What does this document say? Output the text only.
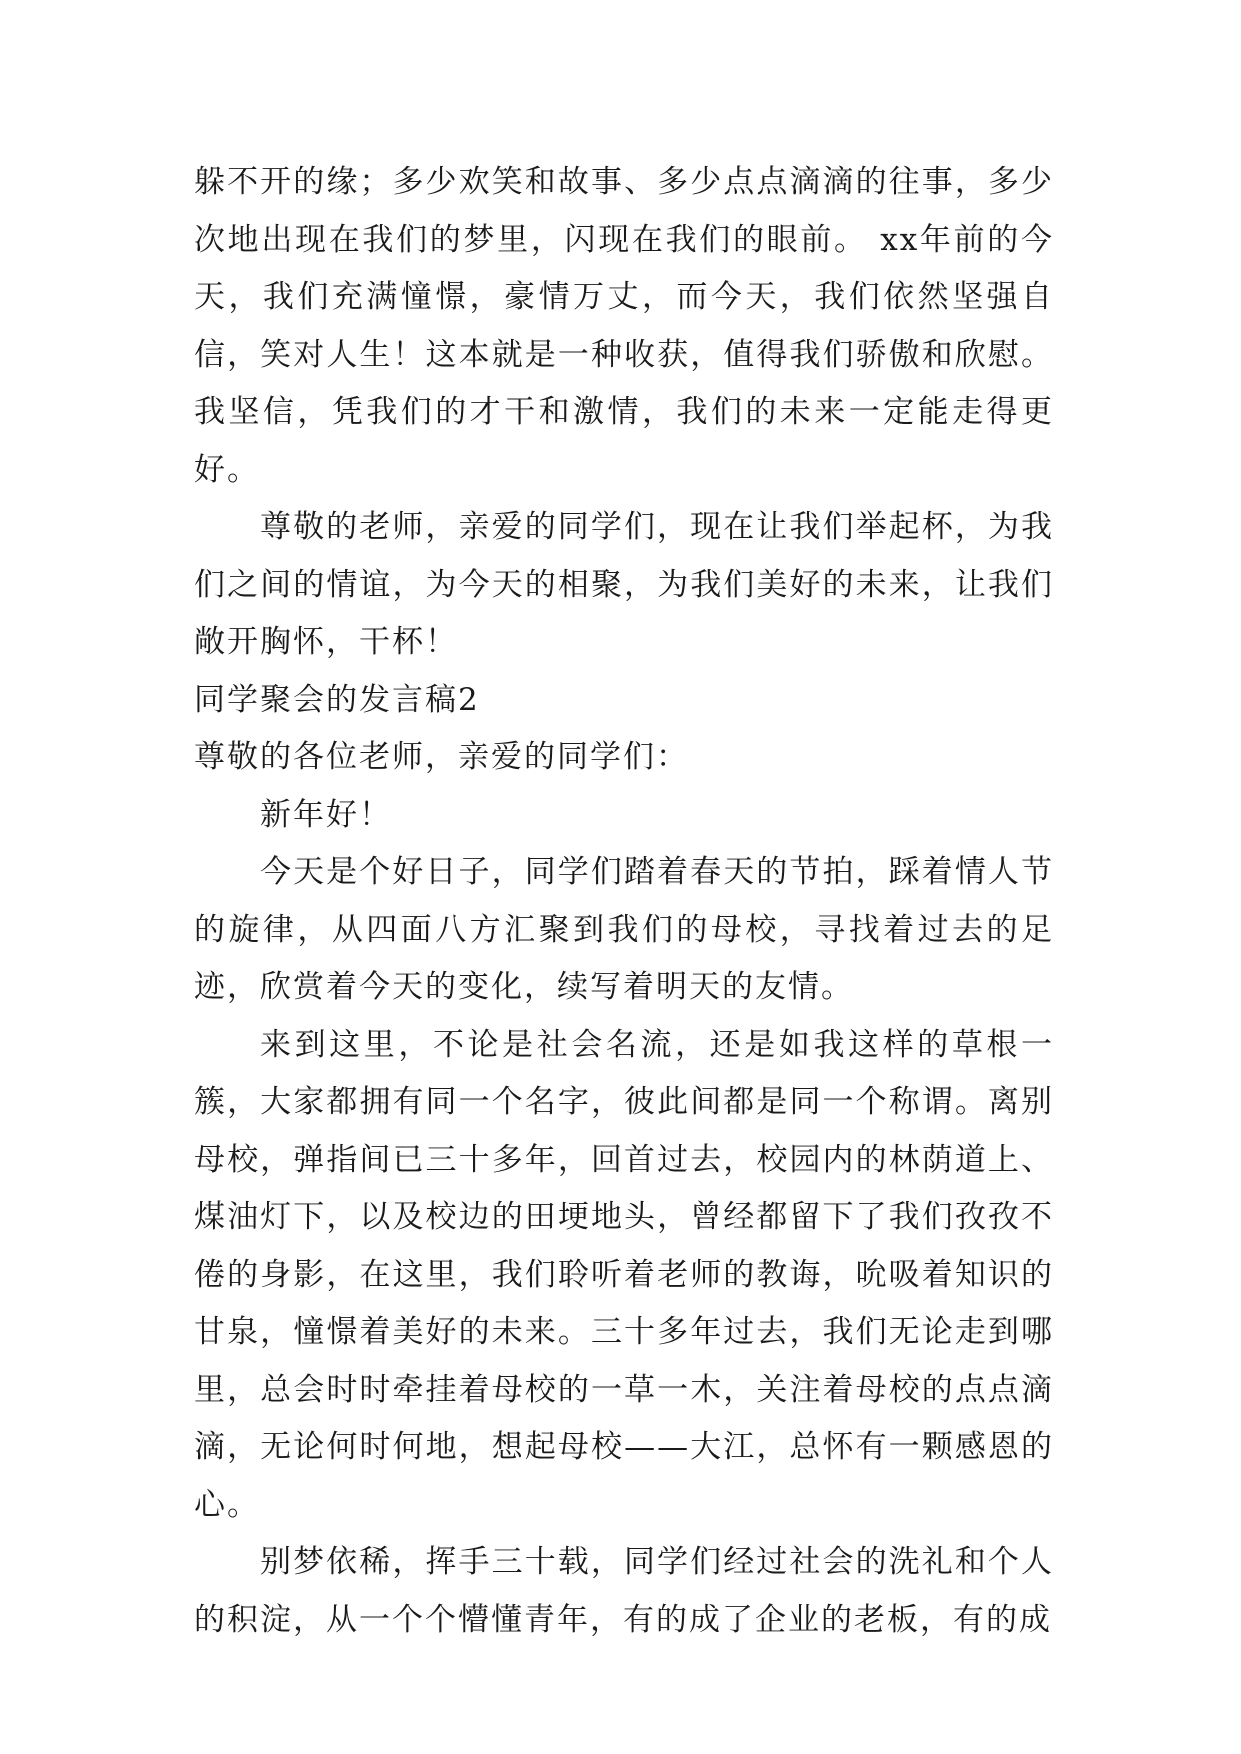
躲不开的缘；多少欢笑和故事、多少点点滴滴的往事，多少次地出现在我们的梦里，闪现在我们的眼前。 xx年前的今天，我们充满憧憬，豪情万丈，而今天，我们依然坚强自信，笑对人生！这本就是一种收获，值得我们骄傲和欣慰。我坚信，凭我们的才干和激情，我们的未来一定能走得更好。

尊敬的老师，亲爱的同学们，现在让我们举起杯，为我们之间的情谊，为今天的相聚，为我们美好的未来，让我们敞开胸怀，干杯！

同学聚会的发言稿2

尊敬的各位老师，亲爱的同学们：

新年好！

今天是个好日子，同学们踏着春天的节拍，踩着情人节的旋律，从四面八方汇聚到我们的母校，寻找着过去的足迹，欣赏着今天的变化，续写着明天的友情。

来到这里，不论是社会名流，还是如我这样的草根一簇，大家都拥有同一个名字，彼此间都是同一个称谓。离别母校，弹指间已三十多年，回首过去，校园内的林荫道上、煤油灯下，以及校边的田埂地头，曾经都留下了我们孜孜不倦的身影，在这里，我们聆听着老师的教诲，吮吸着知识的甘泉，憧憬着美好的未来。三十多年过去，我们无论走到哪里，总会时时牵挂着母校的一草一木，关注着母校的点点滴滴，无论何时何地，想起母校——大江，总怀有一颗感恩的心。

别梦依稀，挥手三十载，同学们经过社会的洗礼和个人的积淀，从一个个懵懂青年，有的成了企业的老板，有的成
